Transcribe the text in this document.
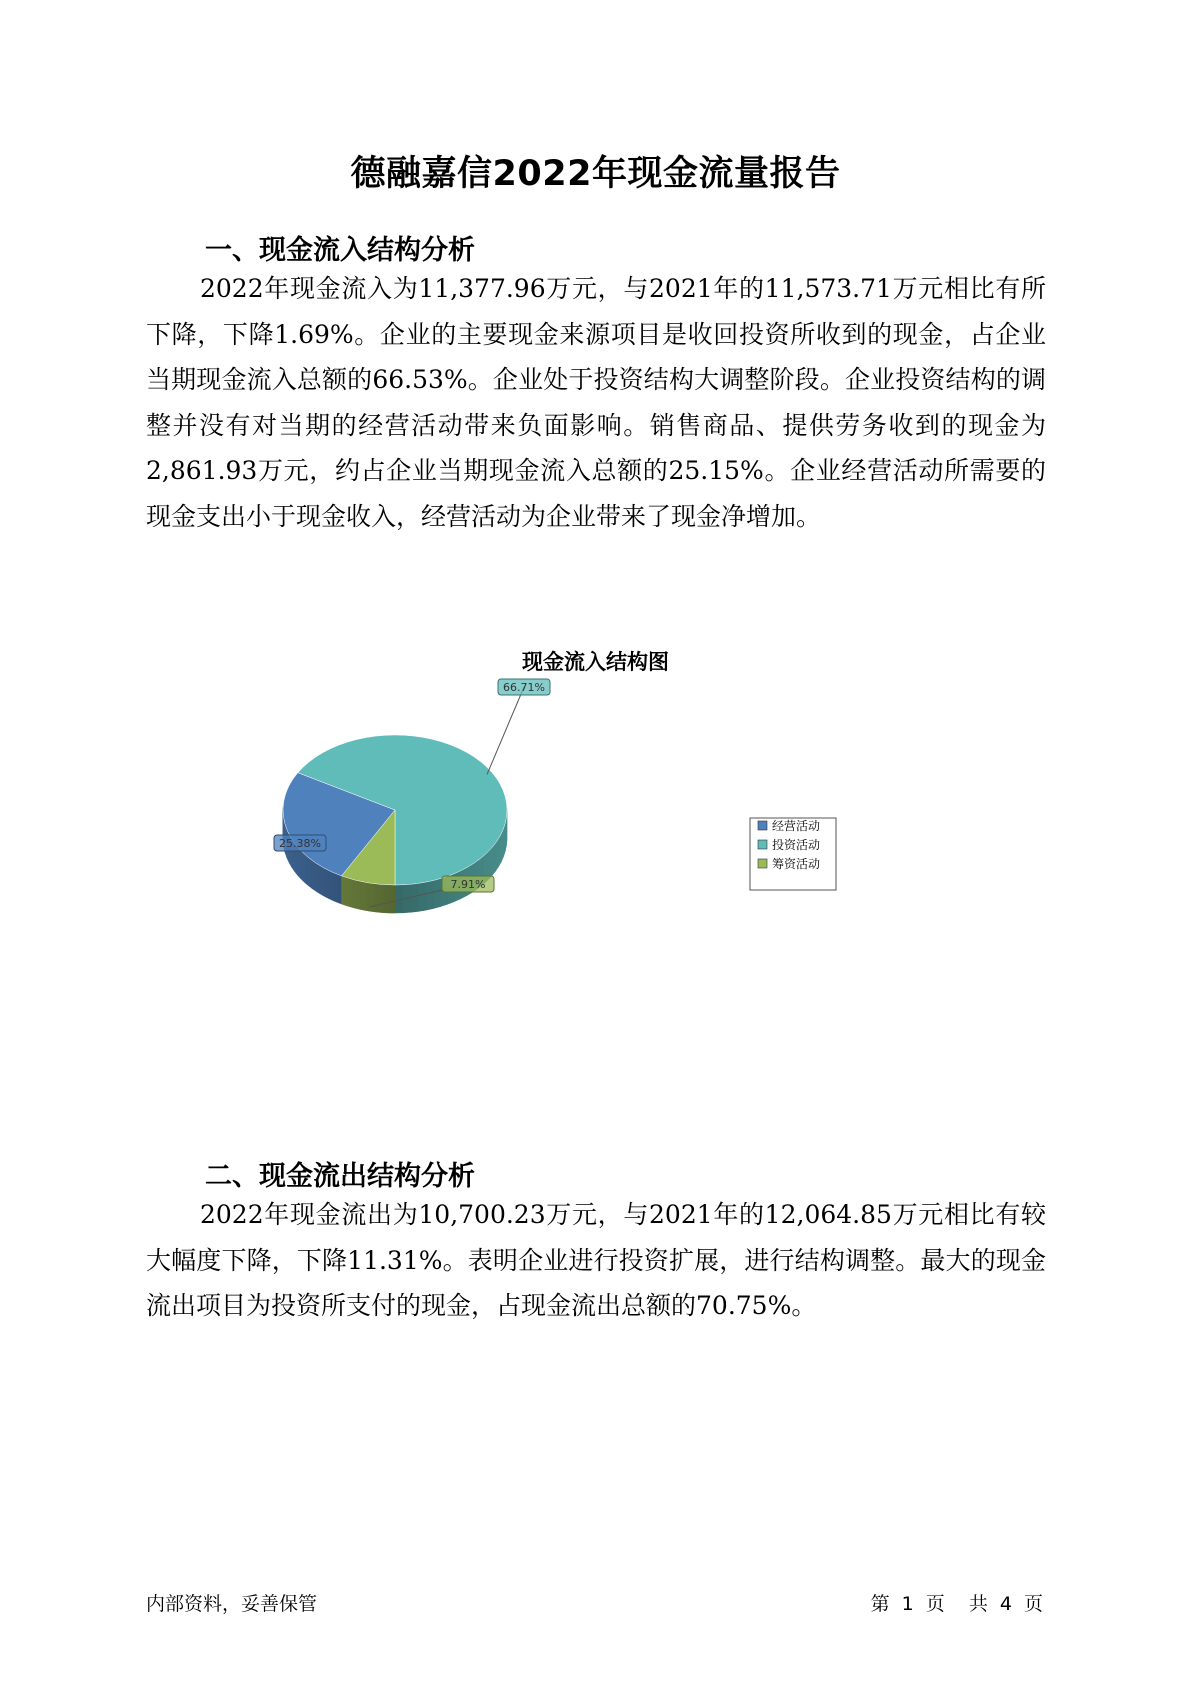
德融嘉信2022年现金流量报告
一、现金流入结构分析
2022年现金流入为11,377.96万元，与2021年的11,573.71万元相比有所下降，下降1.69%。企业的主要现金来源项目是收回投资所收到的现金，占企业当期现金流入总额的66.53%。企业处于投资结构大调整阶段。企业投资结构的调整并没有对当期的经营活动带来负面影响。销售商品、提供劳务收到的现金为2,861.93万元，约占企业当期现金流入总额的25.15%。企业经营活动所需要的现金支出小于现金收入，经营活动为企业带来了现金净增加。
现金流入结构图
25.38%
66.71%
7.91%
经营活动
投资活动
筹资活动
二、现金流出结构分析
2022年现金流出为10,700.23万元，与2021年的12,064.85万元相比有较大幅度下降，下降11.31%。表明企业进行投资扩展，进行结构调整。最大的现金流出项目为投资所支付的现金，占现金流出总额的70.75%。
内部资料，妥善保管	第 1 页 共 4 页
